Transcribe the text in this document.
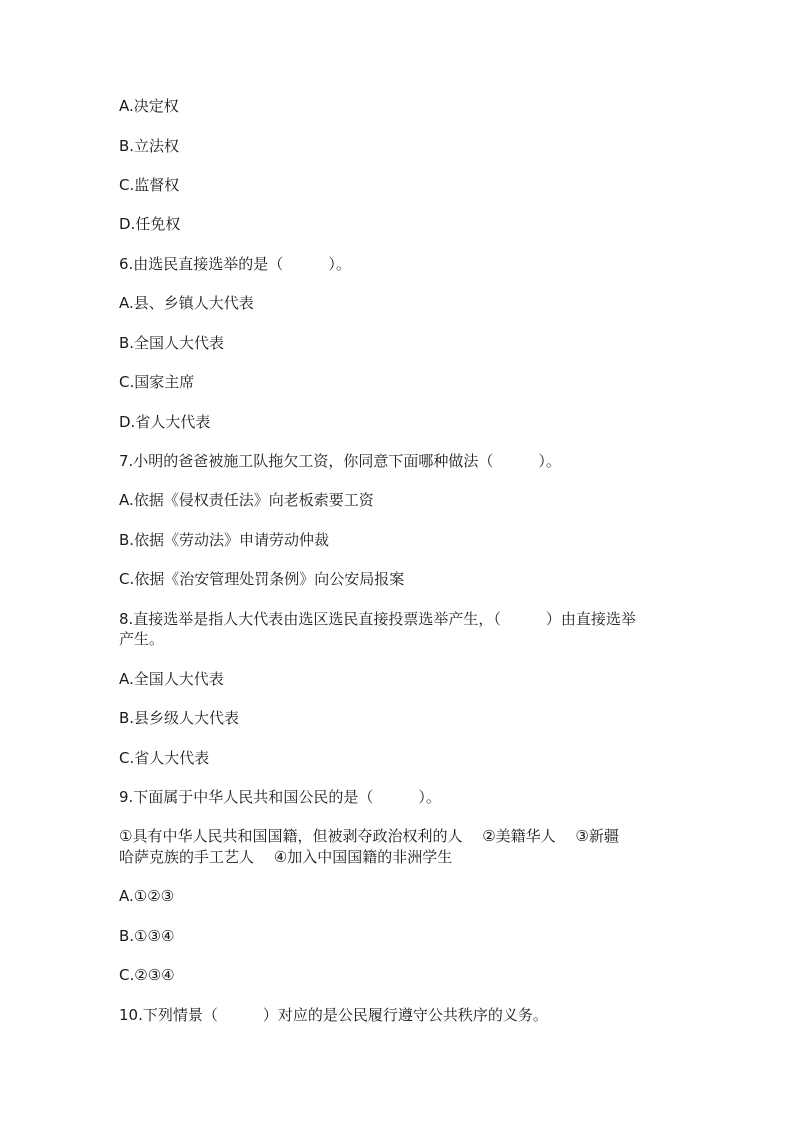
A.决定权

B.立法权

C.监督权

D.任免权

6.由选民直接选举的是（　　　）。

A.县、乡镇人大代表

B.全国人大代表

C.国家主席

D.省人大代表

7.小明的爸爸被施工队拖欠工资，你同意下面哪种做法（　　　）。

A.依据《侵权责任法》向老板索要工资

B.依据《劳动法》申请劳动仲裁

C.依据《治安管理处罚条例》向公安局报案

8.直接选举是指人大代表由选区选民直接投票选举产生，（　　　）由直接选举

产生。

A.全国人大代表

B.县乡级人大代表

C.省人大代表

9.下面属于中华人民共和国公民的是（　　　）。

①具有中华人民共和国国籍，但被剥夺政治权利的人　 ②美籍华人　 ③新疆

哈萨克族的手工艺人　 ④加入中国国籍的非洲学生

A.①②③

B.①③④

C.②③④

10.下列情景（　　　）对应的是公民履行遵守公共秩序的义务。
